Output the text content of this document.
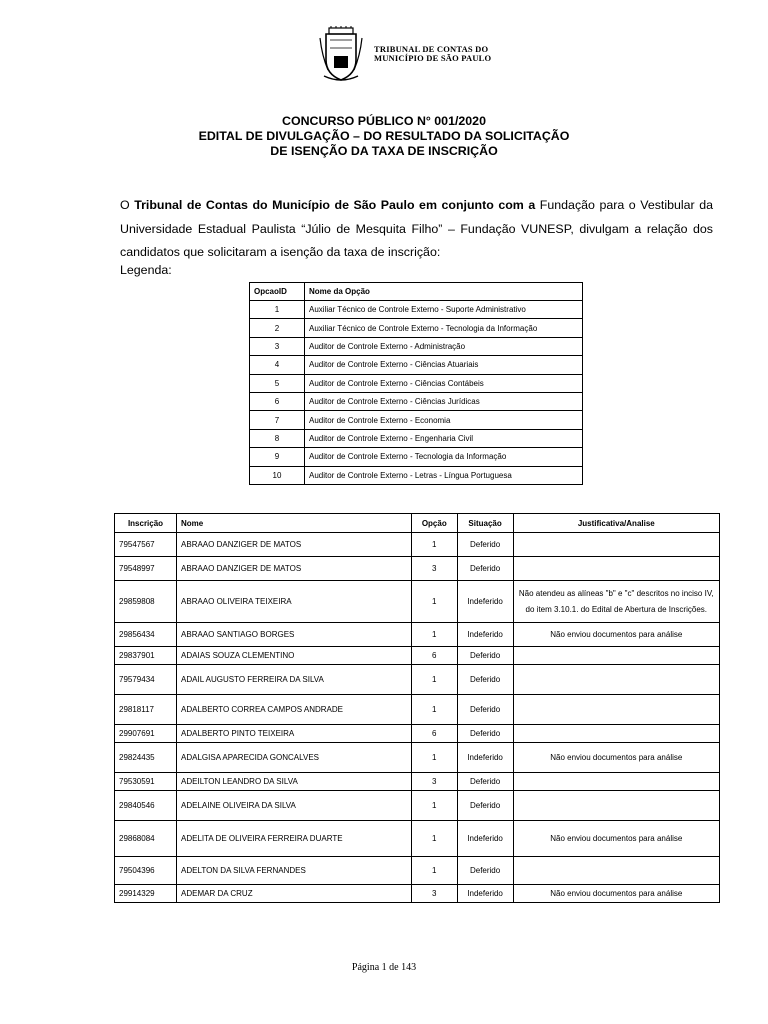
TRIBUNAL DE CONTAS DO
MUNICÍPIO DE SÃO PAULO
CONCURSO PÚBLICO N° 001/2020
EDITAL DE DIVULGAÇÃO – DO RESULTADO DA SOLICITAÇÃO
DE ISENÇÃO DA TAXA DE INSCRIÇÃO
O Tribunal de Contas do Município de São Paulo em conjunto com a Fundação para o Vestibular da Universidade Estadual Paulista “Júlio de Mesquita Filho” – Fundação VUNESP, divulgam a relação dos candidatos que solicitaram a isenção da taxa de inscrição:
Legenda:
OpcaoID	Nome da Opção
1	Auxiliar Técnico de Controle Externo - Suporte Administrativo
2	Auxiliar Técnico de Controle Externo - Tecnologia da Informação
3	Auditor de Controle Externo - Administração
4	Auditor de Controle Externo - Ciências Atuariais
5	Auditor de Controle Externo - Ciências Contábeis
6	Auditor de Controle Externo - Ciências Jurídicas
7	Auditor de Controle Externo - Economia
8	Auditor de Controle Externo - Engenharia Civil
9	Auditor de Controle Externo - Tecnologia da Informação
10	Auditor de Controle Externo - Letras - Língua Portuguesa
Inscrição	Nome	Opção	Situação	Justificativa/Analise
79547567	ABRAAO DANZIGER DE MATOS	1	Deferido	
79548997	ABRAAO DANZIGER DE MATOS	3	Deferido	
29859808	ABRAAO OLIVEIRA TEIXEIRA	1	Indeferido	Não atendeu as alíneas "b" e "c" descritos no inciso IV, do item 3.10.1. do Edital de Abertura de Inscrições.
29856434	ABRAAO SANTIAGO BORGES	1	Indeferido	Não enviou documentos para análise
29837901	ADAIAS SOUZA CLEMENTINO	6	Deferido	
79579434	ADAIL AUGUSTO FERREIRA DA SILVA	1	Deferido	
29818117	ADALBERTO CORREA CAMPOS ANDRADE	1	Deferido	
29907691	ADALBERTO PINTO TEIXEIRA	6	Deferido	
29824435	ADALGISA APARECIDA GONCALVES	1	Indeferido	Não enviou documentos para análise
79530591	ADEILTON LEANDRO DA SILVA	3	Deferido	
29840546	ADELAINE OLIVEIRA DA SILVA	1	Deferido	
29868084	ADELITA DE OLIVEIRA FERREIRA DUARTE	1	Indeferido	Não enviou documentos para análise
79504396	ADELTON DA SILVA FERNANDES	1	Deferido	
29914329	ADEMAR DA CRUZ	3	Indeferido	Não enviou documentos para análise
Página 1 de 143
